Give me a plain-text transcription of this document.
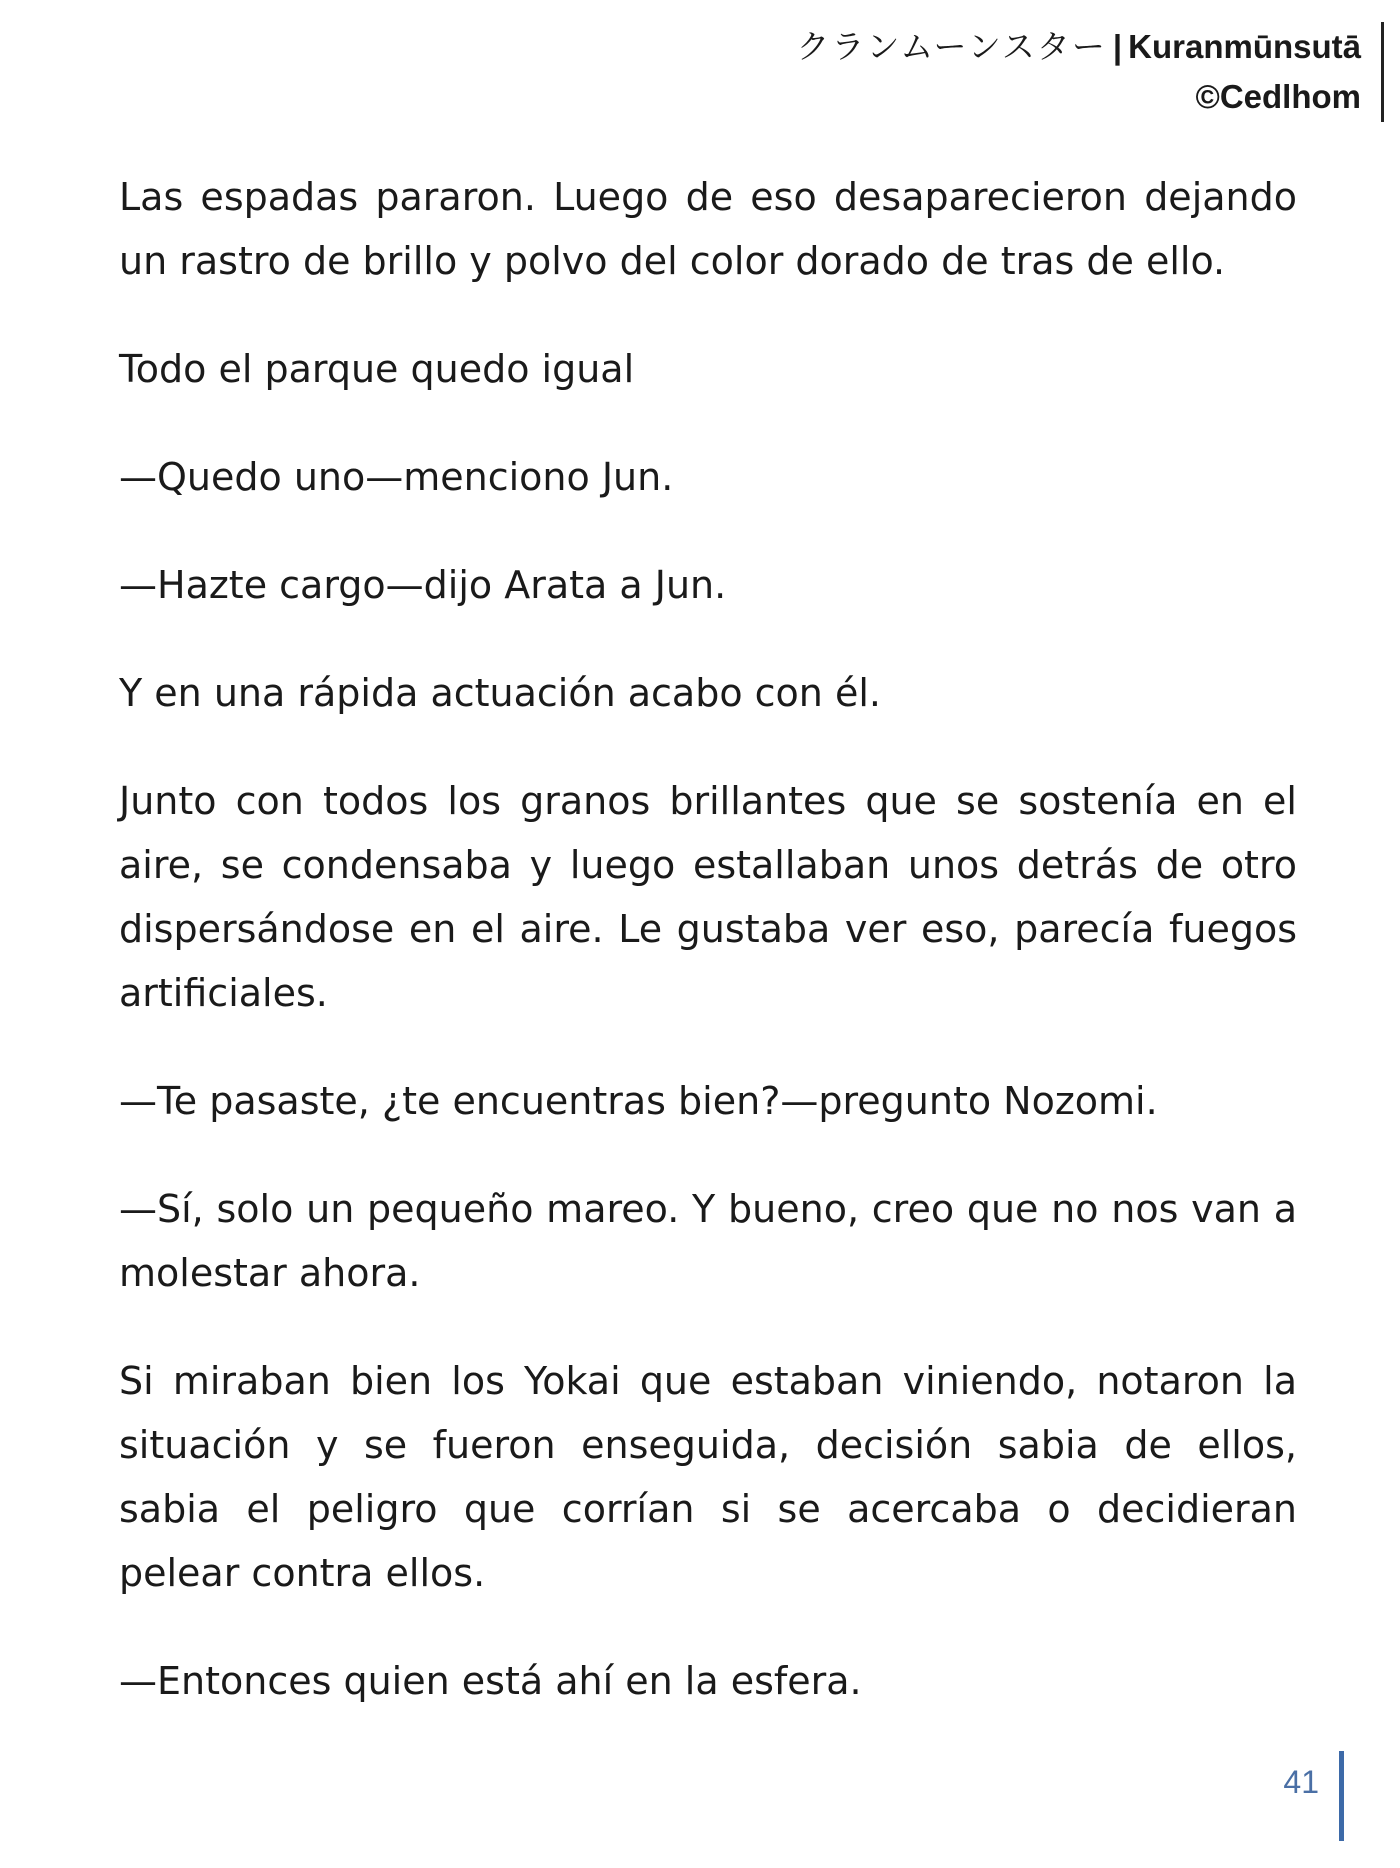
クランムーンスター | Kuranmūnsutā
©Cedlhom

Las espadas pararon. Luego de eso desaparecieron dejando un rastro de brillo y polvo del color dorado de tras de ello.

Todo el parque quedo igual

—Quedo uno—menciono Jun.

—Hazte cargo—dijo Arata a Jun.

Y en una rápida actuación acabo con él.

Junto con todos los granos brillantes que se sostenía en el aire, se condensaba y luego estallaban unos detrás de otro dispersándose en el aire. Le gustaba ver eso, parecía fuegos artificiales.

—Te pasaste, ¿te encuentras bien?—pregunto Nozomi.

—Sí, solo un pequeño mareo. Y bueno, creo que no nos van a molestar ahora.

Si miraban bien los Yokai que estaban viniendo, notaron la situación y se fueron enseguida, decisión sabia de ellos, sabia el peligro que corrían si se acercaba o decidieran pelear contra ellos.

—Entonces quien está ahí en la esfera.

41
